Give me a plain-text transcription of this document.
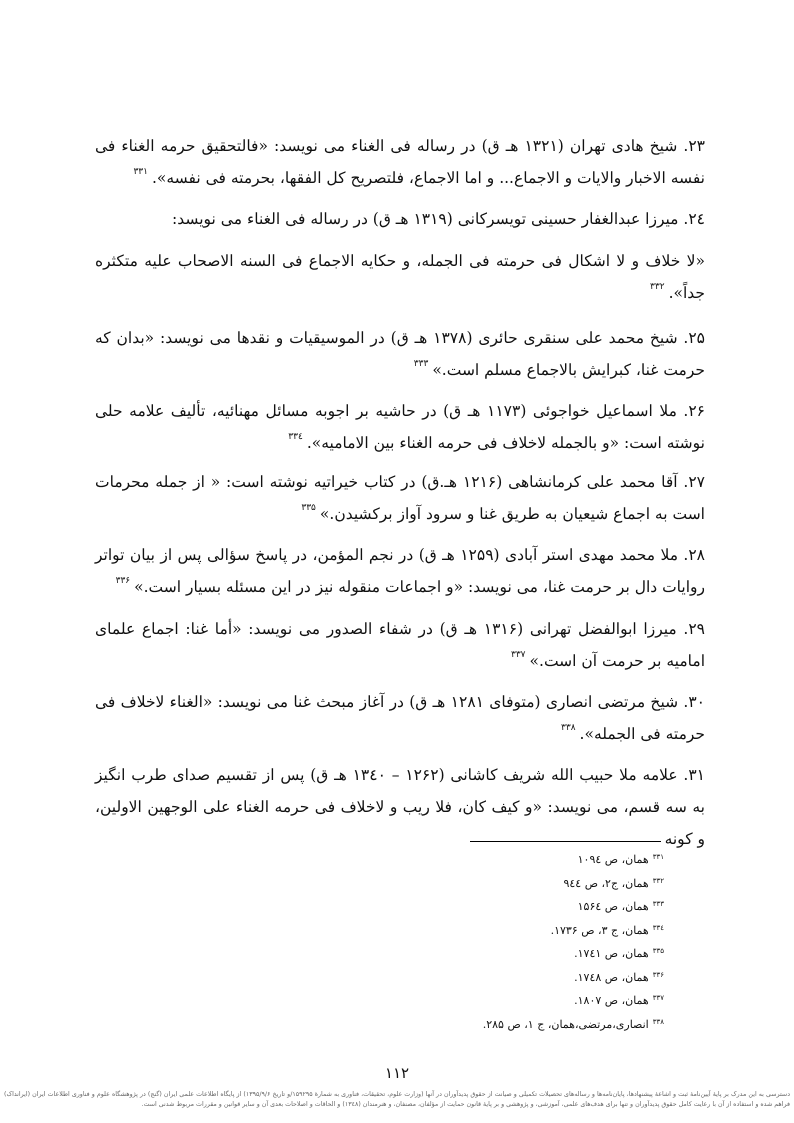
۲۳. شیخ هادی تهران (۱۳۲۱ هـ ق) در رساله فی الغناء می نویسد: «فالتحقیق حرمه الغناء فی نفسه الاخبار والایات و الاجماع... و اما الاجماع، فلتصریح کل الفقها، بحرمته فی نفسه».$^{۳۳۱}$
۲٤. میرزا عبدالغفار حسینی تویسرکانی (۱۳۱۹ هـ ق) در رساله فی الغناء می نویسد:
«لا خلاف و لا اشکال فی حرمته فی الجمله، و حکایه الاجماع فی السنه الاصحاب علیه متکثره جداً».$^{۳۳۲}$
۲۵. شیخ محمد علی سنقری حائری (۱۳۷۸ هـ ق) در الموسیقیات و نقدها می نویسد: «بدان که حرمت غنا، کبرایش بالاجماع مسلم است.»$^{۳۳۳}$
۲۶. ملا اسماعیل خواجوئی (۱۱۷۳ هـ ق) در حاشیه بر اجوبه مسائل مهنائیه، تألیف علامه حلی نوشته است: «و بالجمله لاخلاف فی حرمه الغناء بین الامامیه».$^{۳۳٤}$
۲۷. آقا محمد علی کرمانشاهی (۱۲۱۶ هـ.ق) در کتاب خیراتیه نوشته است: « از جمله محرمات است به اجماع شیعیان به طریق غنا و سرود آواز برکشیدن.»$^{۳۳۵}$
۲۸. ملا محمد مهدی استر آبادی (۱۲۵۹ هـ ق) در نجم المؤمن، در پاسخ سؤالی پس از بیان تواتر روایات دال بر حرمت غنا، می نویسد: «و اجماعات منقوله نیز در این مسئله بسیار است.»$^{۳۳۶}$
۲۹. میرزا ابوالفضل تهرانی (۱۳۱۶ هـ ق) در شفاء الصدور می نویسد: «أما غنا: اجماع علمای امامیه بر حرمت آن است.»$^{۳۳۷}$
۳۰. شیخ مرتضی انصاری (متوفای ۱۲۸۱ هـ ق) در آغاز مبحث غنا می نویسد: «الغناء لاخلاف فی حرمته فی الجمله».$^{۳۳۸}$
۳۱. علامه ملا حبیب الله شریف کاشانی (۱۲۶۲ – ۱۳٤۰ هـ ق) پس از تقسیم صدای طرب انگیز به سه قسم، می نویسد: «و کیف کان، فلا ریب و لاخلاف فی حرمه الغناء علی الوجهین الاولین، و کونه
$^{۳۳۱}$همان، ص ۱۰۹٤
$^{۳۳۲}$همان، ج۲، ص ۹٤٤
$^{۳۳۳}$همان، ص ۱۵۶٤
$^{۳۳٤}$همان، ج ۳، ص ۱۷۳۶.
$^{۳۳۵}$همان، ص ۱۷٤۱.
$^{۳۳۶}$همان، ص ۱۷٤۸.
$^{۳۳۷}$همان، ص ۱۸۰۷.
$^{۳۳۸}$انصاری،مرتضی،همان، ج ۱، ص ۲۸۵.
۱۱۲
دسترسی به این مدرک بر پایهٔ آیین‌نامهٔ ثبت و اشاعهٔ پیشنهادها، پایان‌نامه‌ها و رساله‌های تحصیلات تکمیلی و صیانت از حقوق پدیدآوران در آنها (وزارت علوم، تحقیقات، فناوری به شمارهٔ ۱۵۹۲۹۵/و تاریخ ۱۳۹۵/۹/۶) از پایگاه اطلاعات علمی ایران (گنج) در پژوهشگاه علوم و فناوری اطلاعات ایران (ایرانداک) فراهم شده و استفاده از آن با رعایت کامل حقوق پدیدآوران و تنها برای هدف‌های علمی، آموزشی، و پژوهشی و بر پایهٔ قانون حمایت از مؤلفان، مصنفان، و هنرمندان (۱۳٤۸) و الحاقات و اصلاحات بعدی آن و سایر قوانین و مقررات مربوط شدنی است.
